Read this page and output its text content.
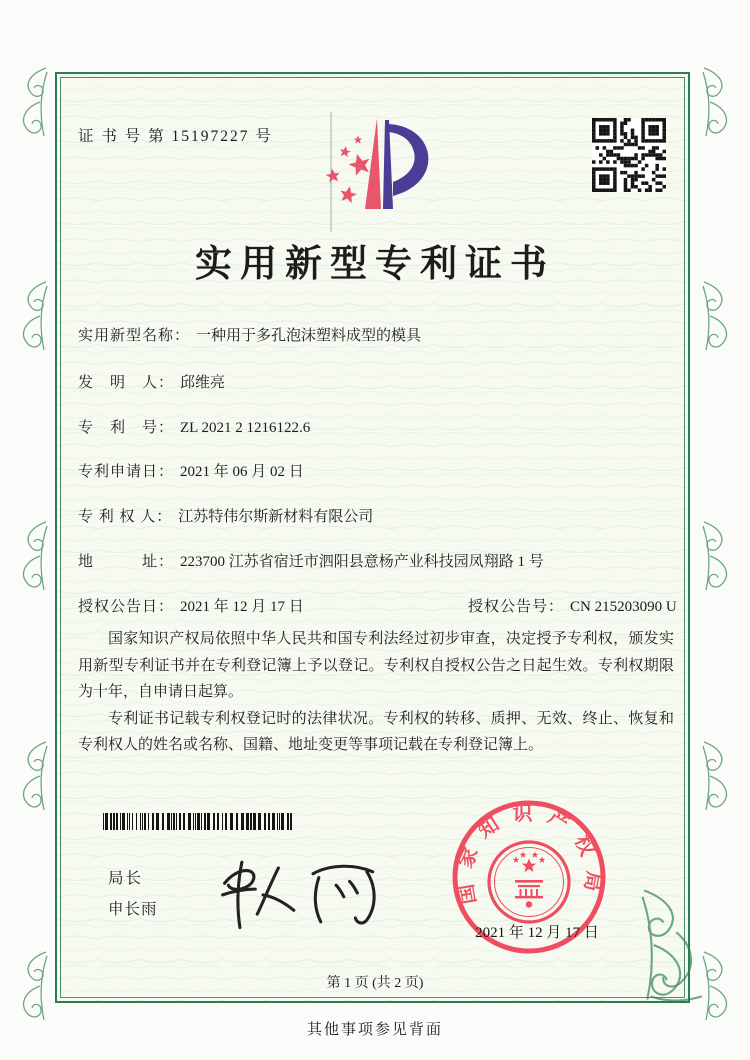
证 书 号 第 15197227 号
实用新型专利证书
实用新型名称： 一种用于多孔泡沫塑料成型的模具
发　明　人： 邱维亮
专　利　号： ZL 2021 2 1216122.6
专利申请日： 2021 年 06 月 02 日
专 利 权 人： 江苏特伟尔斯新材料有限公司
地　　　址： 223700 江苏省宿迁市泗阳县意杨产业科技园凤翔路 1 号
授权公告日： 2021 年 12 月 17 日	授权公告号： CN 215203090 U

国家知识产权局依照中华人民共和国专利法经过初步审查，决定授予专利权，颁发实用新型专利证书并在专利登记簿上予以登记。专利权自授权公告之日起生效。专利权期限为十年，自申请日起算。

专利证书记载专利权登记时的法律状况。专利权的转移、质押、无效、终止、恢复和专利权人的姓名或名称、国籍、地址变更等事项记载在专利登记簿上。

局长
申长雨
国家知识产权局
2021 年 12 月 17 日
第 1 页 (共 2 页)
其他事项参见背面
